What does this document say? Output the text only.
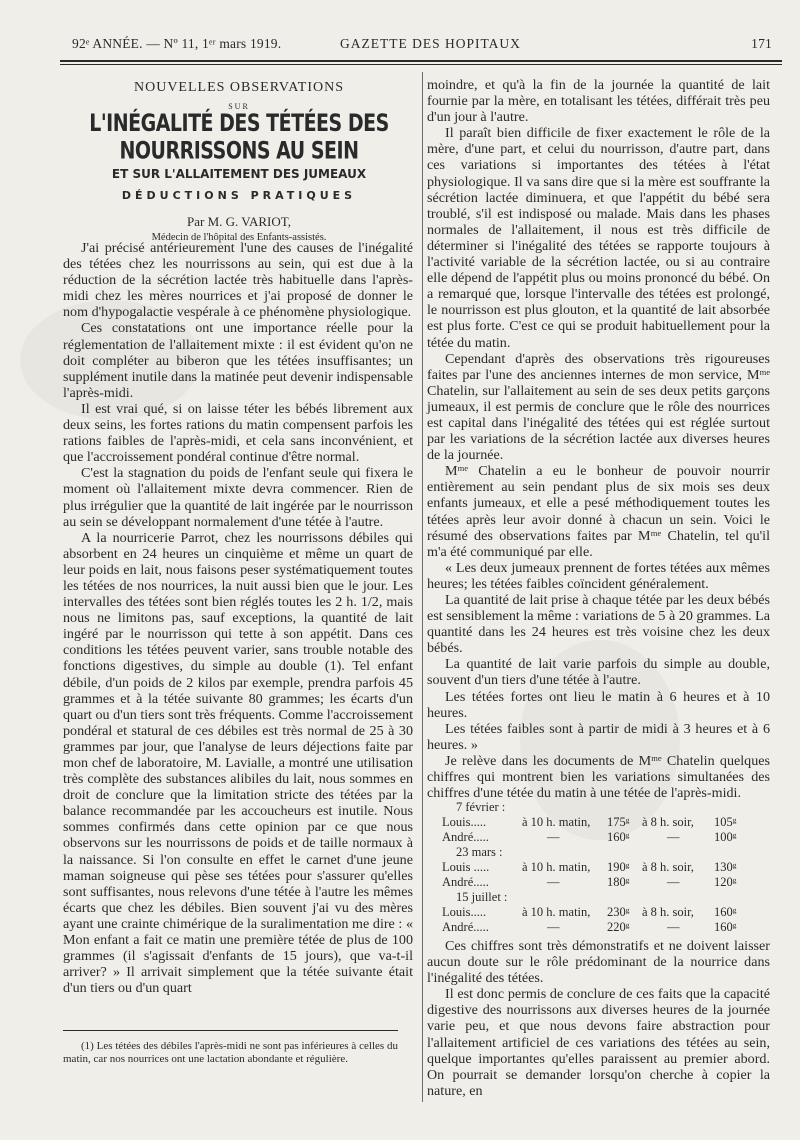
92ᵉ ANNÉE. — Nº 11, 1ᵉʳ mars 1919.	GAZETTE DES HOPITAUX	171
NOUVELLES OBSERVATIONS
SUR
L'INÉGALITÉ DES TÉTÉES DES NOURRISSONS AU SEIN
ET SUR L'ALLAITEMENT DES JUMEAUX
DÉDUCTIONS PRATIQUES
Par M. G. VARIOT,
Médecin de l'hôpital des Enfants-assistés.

J'ai précisé antérieurement l'une des causes de l'inégalité des tétées chez les nourrissons au sein, qui est due à la réduction de la sécrétion lactée très habituelle dans l'après-midi chez les mères nourrices et j'ai proposé de donner le nom d'hypogalactie vespérale à ce phénomène physiologique.

Ces constatations ont une importance réelle pour la réglementation de l'allaitement mixte : il est évident qu'on ne doit compléter au biberon que les tétées insuffisantes; un supplément inutile dans la matinée peut devenir indispensable l'après-midi.

Il est vrai qué, si on laisse téter les bébés librement aux deux seins, les fortes rations du matin compensent parfois les rations faibles de l'après-midi, et cela sans inconvénient, et que l'accroissement pondéral continue d'être normal.

C'est la stagnation du poids de l'enfant seule qui fixera le moment où l'allaitement mixte devra commencer. Rien de plus irrégulier que la quantité de lait ingérée par le nourrisson au sein se développant normalement d'une tétée à l'autre.

A la nourricerie Parrot, chez les nourrissons débiles qui absorbent en 24 heures un cinquième et même un quart de leur poids en lait, nous faisons peser systématiquement toutes les tétées de nos nourrices, la nuit aussi bien que le jour. Les intervalles des tétées sont bien réglés toutes les 2 h. 1/2, mais nous ne limitons pas, sauf exceptions, la quantité de lait ingéré par le nourrisson qui tette à son appétit. Dans ces conditions les tétées peuvent varier, sans trouble notable des fonctions digestives, du simple au double (1). Tel enfant débile, d'un poids de 2 kilos par exemple, prendra parfois 45 grammes et à la tétée suivante 80 grammes; les écarts d'un quart ou d'un tiers sont très fréquents. Comme l'accroissement pondéral et statural de ces débiles est très normal de 25 à 30 grammes par jour, que l'analyse de leurs déjections faite par mon chef de laboratoire, M. Lavialle, a montré une utilisation très complète des substances alibiles du lait, nous sommes en droit de conclure que la limitation stricte des tétées par la balance recommandée par les accoucheurs est inutile. Nous sommes confirmés dans cette opinion par ce que nous observons sur les nourrissons de poids et de taille normaux à la naissance. Si l'on consulte en effet le carnet d'une jeune maman soigneuse qui pèse ses tétées pour s'assurer qu'elles sont suffisantes, nous relevons d'une tétée à l'autre les mêmes écarts que chez les débiles. Bien souvent j'ai vu des mères ayant une crainte chimérique de la suralimentation me dire : « Mon enfant a fait ce matin une première tétée de plus de 100 grammes (il s'agissait d'enfants de 15 jours), que va-t-il arriver? » Il arrivait simplement que la tétée suivante était d'un tiers ou d'un quart

(1) Les tétées des débiles l'après-midi ne sont pas inférieures à celles du matin, car nos nourrices ont une lactation abondante et régulière.

moindre, et qu'à la fin de la journée la quantité de lait fournie par la mère, en totalisant les tétées, différait très peu d'un jour à l'autre.

Il paraît bien difficile de fixer exactement le rôle de la mère, d'une part, et celui du nourrisson, d'autre part, dans ces variations si importantes des tétées à l'état physiologique. Il va sans dire que si la mère est souffrante la sécrétion lactée diminuera, et que l'appétit du bébé sera troublé, s'il est indisposé ou malade. Mais dans les phases normales de l'allaitement, il nous est très difficile de déterminer si l'inégalité des tétées se rapporte toujours à l'activité variable de la sécrétion lactée, ou si au contraire elle dépend de l'appétit plus ou moins prononcé du bébé. On a remarqué que, lorsque l'intervalle des tétées est prolongé, le nourrisson est plus glouton, et la quantité de lait absorbée est plus forte. C'est ce qui se produit habituellement pour la tétée du matin.

Cependant d'après des observations très rigoureuses faites par l'une des anciennes internes de mon service, Mᵐᵉ Chatelin, sur l'allaitement au sein de ses deux petits garçons jumeaux, il est permis de conclure que le rôle des nourrices est capital dans l'inégalité des tétées qui est réglée surtout par les variations de la sécrétion lactée aux diverses heures de la journée.

Mᵐᵉ Chatelin a eu le bonheur de pouvoir nourrir entièrement au sein pendant plus de six mois ses deux enfants jumeaux, et elle a pesé méthodiquement toutes les tétées après leur avoir donné à chacun un sein. Voici le résumé des observations faites par Mᵐᵉ Chatelin, tel qu'il m'a été communiqué par elle.

« Les deux jumeaux prennent de fortes tétées aux mêmes heures; les tétées faibles coïncident généralement.

La quantité de lait prise à chaque tétée par les deux bébés est sensiblement la même : variations de 5 à 20 grammes. La quantité dans les 24 heures est très voisine chez les deux bébés.

La quantité de lait varie parfois du simple au double, souvent d'un tiers d'une tétée à l'autre.

Les tétées fortes ont lieu le matin à 6 heures et à 10 heures.

Les tétées faibles sont à partir de midi à 3 heures et à 6 heures. »

Je relève dans les documents de Mᵐᵉ Chatelin quelques chiffres qui montrent bien les variations simultanées des chiffres d'une tétée du matin à une tétée de l'après-midi.

7 février :
Louis.....	à 10 h. matin, 175ᵍ à 8 h. soir, 105ᵍ
André.....	—	160ᵍ	—	100ᵍ
23 mars :
Louis .....	à 10 h. matin, 190ᵍ à 8 h. soir, 130ᵍ
André.....	—	180ᵍ	—	120ᵍ
15 juillet :
Louis.....	à 10 h. matin, 230ᵍ à 8 h. soir, 160ᵍ
André.....	—	220ᵍ	—	160ᵍ

Ces chiffres sont très démonstratifs et ne doivent laisser aucun doute sur le rôle prédominant de la nourrice dans l'inégalité des tétées.

Il est donc permis de conclure de ces faits que la capacité digestive des nourrissons aux diverses heures de la journée varie peu, et que nous devons faire abstraction pour l'allaitement artificiel de ces variations des tétées au sein, quelque importantes qu'elles paraissent au premier abord. On pourrait se demander lorsqu'on cherche à copier la nature, en
